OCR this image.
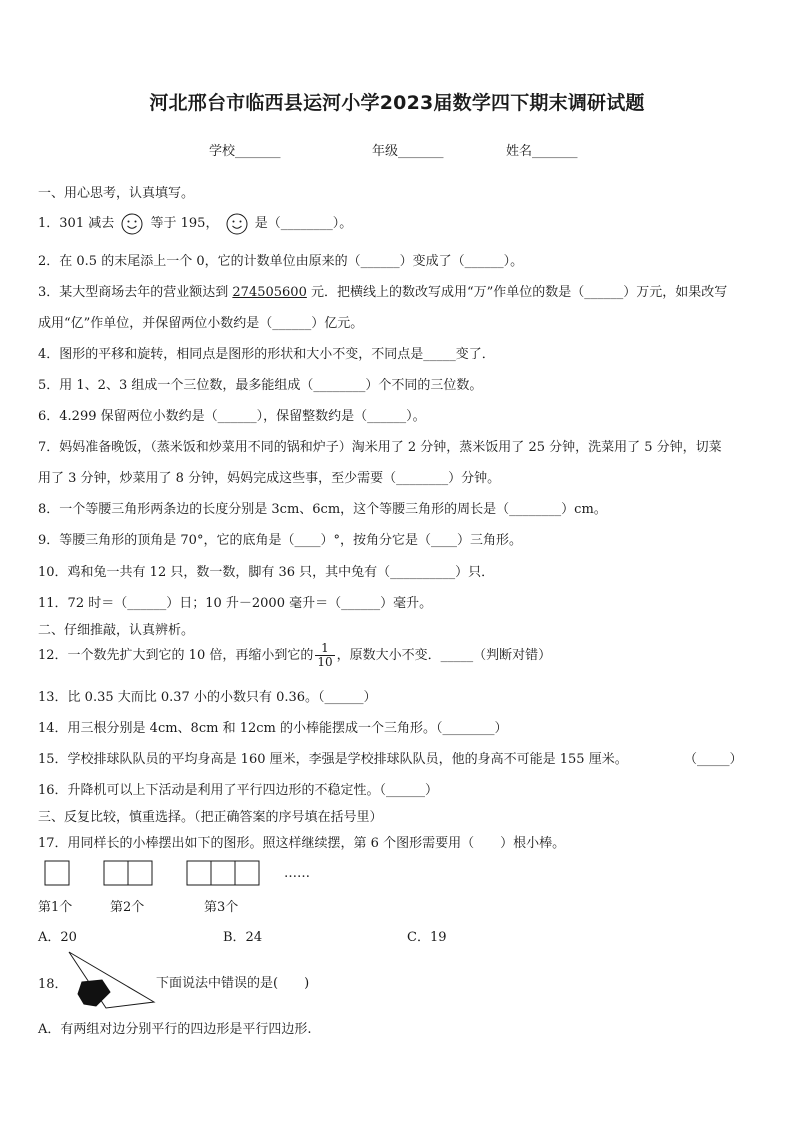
河北邢台市临西县运河小学2023届数学四下期末调研试题
学校_______	年级_______	姓名_______
一、用心思考，认真填写。
1．301 减去	等于 195，	是（________）。
2．在 0.5 的末尾添上一个 0，它的计数单位由原来的（______）变成了（______）。
3．某大型商场去年的营业额达到 274505600 元．把横线上的数改写成用“万”作单位的数是（______）万元，如果改写
成用“亿”作单位，并保留两位小数约是（______）亿元。
4．图形的平移和旋转，相同点是图形的形状和大小不变，不同点是_____变了．
5．用 1、2、3 组成一个三位数，最多能组成（________）个不同的三位数。
6．4.299 保留两位小数约是（______），保留整数约是（______）。
7．妈妈准备晚饭，（蒸米饭和炒菜用不同的锅和炉子）淘米用了 2 分钟，蒸米饭用了 25 分钟，洗菜用了 5 分钟，切菜
用了 3 分钟，炒菜用了 8 分钟，妈妈完成这些事，至少需要（________）分钟。
8．一个等腰三角形两条边的长度分别是 3cm、6cm，这个等腰三角形的周长是（________）cm。
9．等腰三角形的顶角是 70°，它的底角是（____）°，按角分它是（____）三角形。
10．鸡和兔一共有 12 只，数一数，脚有 36 只，其中兔有（__________）只．
11．72 时＝（______）日；10 升－2000 毫升＝（______）毫升。
二、仔细推敲，认真辨析。
12．一个数先扩大到它的 10 倍，再缩小到它的 $\frac{1}{10}$ ，原数大小不变．_____（判断对错）
13．比 0.35 大而比 0.37 小的小数只有 0.36。（______）
14．用三根分别是 4cm、8cm 和 12cm 的小棒能摆成一个三角形。（________）
15．学校排球队队员的平均身高是 160 厘米，李强是学校排球队队员，他的身高不可能是 155 厘米。	（_____）
16．升降机可以上下活动是利用了平行四边形的不稳定性。（______）
三、反复比较，慎重选择。（把正确答案的序号填在括号里）
17．用同样长的小棒摆出如下的图形。照这样继续摆，第 6 个图形需要用（　　）根小棒。
……
第1个	第2个	第3个
A．20	B．24	C．19
18．	下面说法中错误的是(　　)
A．有两组对边分别平行的四边形是平行四边形.
